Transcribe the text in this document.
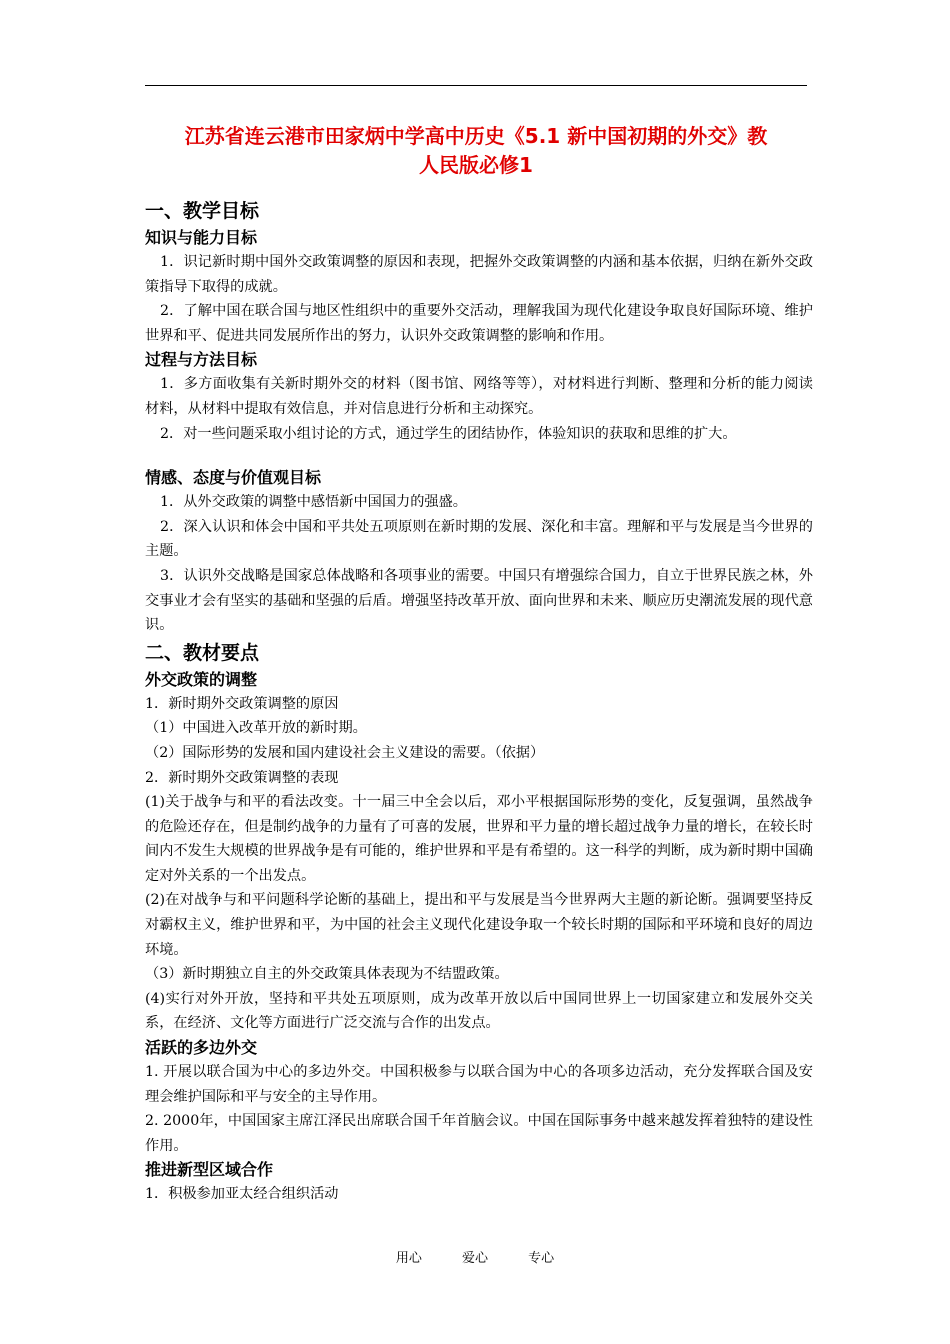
江苏省连云港市田家炳中学高中历史《5.1 新中国初期的外交》教
人民版必修1
一、教学目标
知识与能力目标

1．识记新时期中国外交政策调整的原因和表现，把握外交政策调整的内涵和基本依据，归纳在新外交政策指导下取得的成就。

2．了解中国在联合国与地区性组织中的重要外交活动，理解我国为现代化建设争取良好国际环境、维护世界和平、促进共同发展所作出的努力，认识外交政策调整的影响和作用。

过程与方法目标

1．多方面收集有关新时期外交的材料（图书馆、网络等等），对材料进行判断、整理和分析的能力阅读材料，从材料中提取有效信息，并对信息进行分析和主动探究。

2．对一些问题采取小组讨论的方式，通过学生的团结协作，体验知识的获取和思维的扩大。

情感、态度与价值观目标

1．从外交政策的调整中感悟新中国国力的强盛。

2．深入认识和体会中国和平共处五项原则在新时期的发展、深化和丰富。理解和平与发展是当今世界的主题。

3．认识外交战略是国家总体战略和各项事业的需要。中国只有增强综合国力，自立于世界民族之林，外交事业才会有坚实的基础和坚强的后盾。增强坚持改革开放、面向世界和未来、顺应历史潮流发展的现代意识。

二、教材要点
外交政策的调整

1．新时期外交政策调整的原因

（1）中国进入改革开放的新时期。

（2）国际形势的发展和国内建设社会主义建设的需要。（依据）

2．新时期外交政策调整的表现

(1)关于战争与和平的看法改变。十一届三中全会以后，邓小平根据国际形势的变化，反复强调，虽然战争的危险还存在，但是制约战争的力量有了可喜的发展，世界和平力量的增长超过战争力量的增长，在较长时间内不发生大规模的世界战争是有可能的，维护世界和平是有希望的。这一科学的判断，成为新时期中国确定对外关系的一个出发点。

(2)在对战争与和平问题科学论断的基础上，提出和平与发展是当今世界两大主题的新论断。强调要坚持反对霸权主义，维护世界和平，为中国的社会主义现代化建设争取一个较长时期的国际和平环境和良好的周边环境。

（3）新时期独立自主的外交政策具体表现为不结盟政策。

(4)实行对外开放，坚持和平共处五项原则，成为改革开放以后中国同世界上一切国家建立和发展外交关系，在经济、文化等方面进行广泛交流与合作的出发点。

活跃的多边外交

1. 开展以联合国为中心的多边外交。中国积极参与以联合国为中心的各项多边活动，充分发挥联合国及安理会维护国际和平与安全的主导作用。

2. 2000年，中国国家主席江泽民出席联合国千年首脑会议。中国在国际事务中越来越发挥着独特的建设性作用。

推进新型区域合作

1．积极参加亚太经合组织活动

用心	爱心	专心
